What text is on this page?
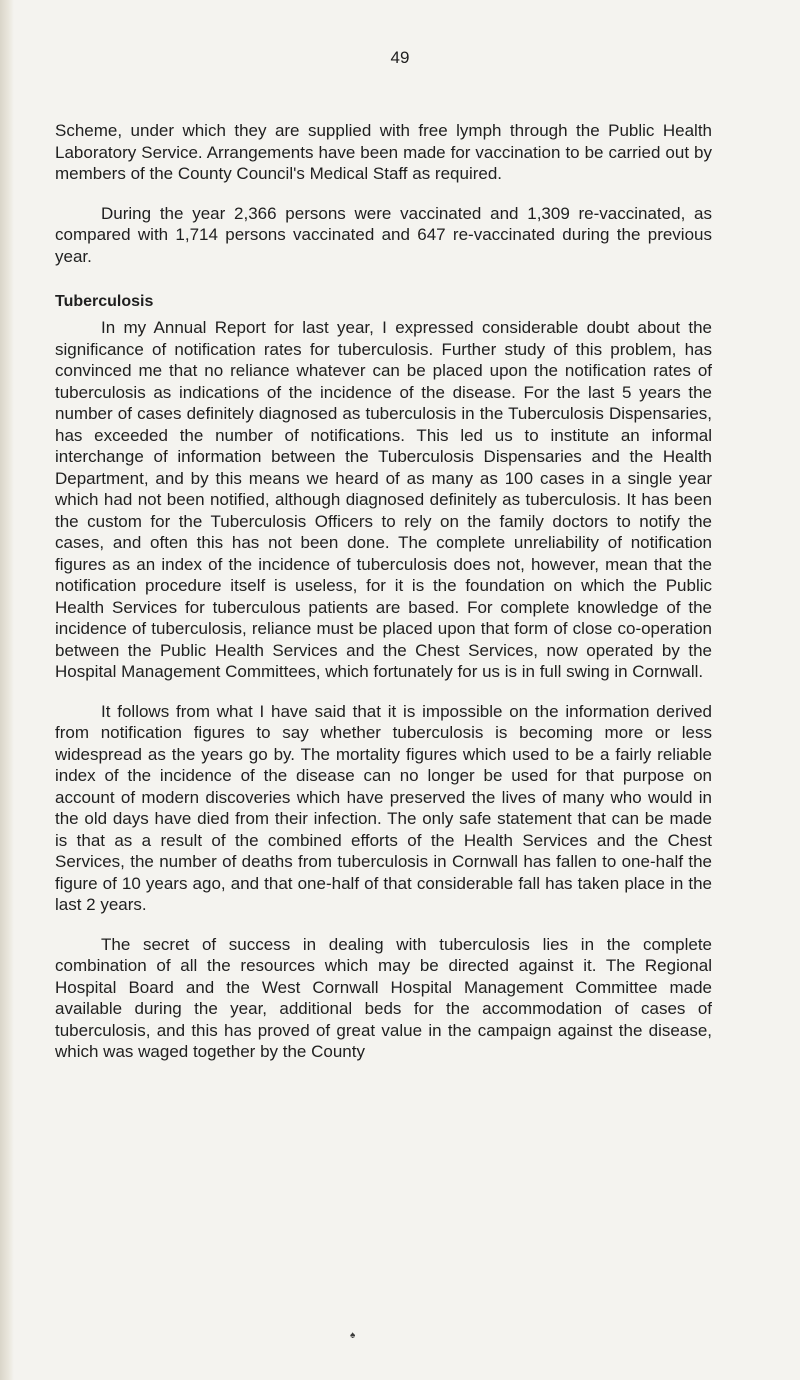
49

Scheme, under which they are supplied with free lymph through the Public Health Laboratory Service. Arrangements have been made for vaccination to be carried out by members of the County Council's Medical Staff as required.

During the year 2,366 persons were vaccinated and 1,309 re-vaccinated, as compared with 1,714 persons vaccinated and 647 re-vaccinated during the previous year.

Tuberculosis

In my Annual Report for last year, I expressed considerable doubt about the significance of notification rates for tuberculosis. Further study of this problem, has convinced me that no reliance whatever can be placed upon the notification rates of tuberculosis as indications of the incidence of the disease. For the last 5 years the number of cases definitely diagnosed as tuberculosis in the Tuberculosis Dispensaries, has exceeded the number of notifications. This led us to institute an informal interchange of information between the Tuberculosis Dispensaries and the Health Department, and by this means we heard of as many as 100 cases in a single year which had not been notified, although diagnosed definitely as tuberculosis. It has been the custom for the Tuberculosis Officers to rely on the family doctors to notify the cases, and often this has not been done. The complete unreliability of notification figures as an index of the incidence of tuberculosis does not, however, mean that the notification procedure itself is useless, for it is the foundation on which the Public Health Services for tuberculous patients are based. For complete knowledge of the incidence of tuberculosis, reliance must be placed upon that form of close co-operation between the Public Health Services and the Chest Services, now operated by the Hospital Management Committees, which fortunately for us is in full swing in Cornwall.

It follows from what I have said that it is impossible on the information derived from notification figures to say whether tuberculosis is becoming more or less widespread as the years go by. The mortality figures which used to be a fairly reliable index of the incidence of the disease can no longer be used for that purpose on account of modern discoveries which have preserved the lives of many who would in the old days have died from their infection. The only safe statement that can be made is that as a result of the combined efforts of the Health Services and the Chest Services, the number of deaths from tuberculosis in Cornwall has fallen to one-half the figure of 10 years ago, and that one-half of that considerable fall has taken place in the last 2 years.

The secret of success in dealing with tuberculosis lies in the complete combination of all the resources which may be directed against it. The Regional Hospital Board and the West Cornwall Hospital Management Committee made available during the year, additional beds for the accommodation of cases of tuberculosis, and this has proved of great value in the campaign against the disease, which was waged together by the County

♠
